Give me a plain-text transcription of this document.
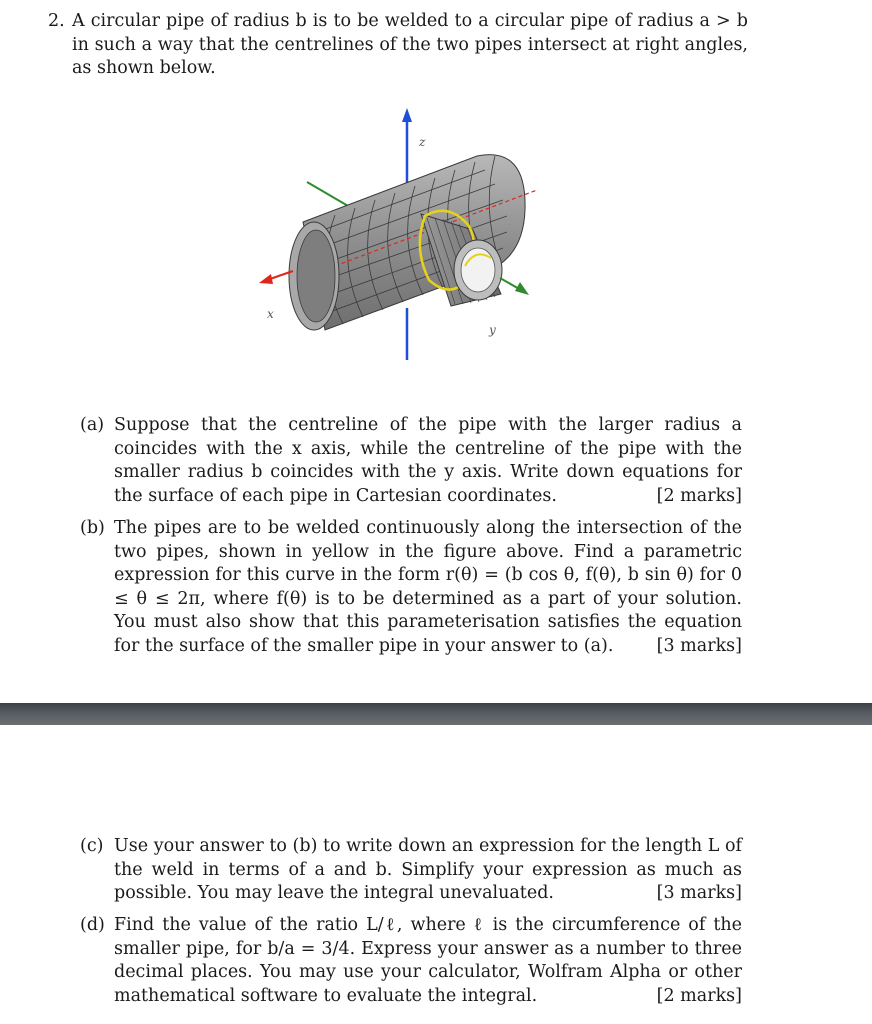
2. A circular pipe of radius b is to be welded to a circular pipe of radius a > b in such a way that the centrelines of the two pipes intersect at right angles, as shown below.
z
x
y
(a) Suppose that the centreline of the pipe with the larger radius a coincides with the x axis, while the centreline of the pipe with the smaller radius b coincides with the y axis. Write down equations for the surface of each pipe in Cartesian coordinates.	[2 marks]
(b) The pipes are to be welded continuously along the intersection of the two pipes, shown in yellow in the figure above. Find a parametric expression for this curve in the form r(θ) = (b cos θ, f(θ), b sin θ) for 0 ≤ θ ≤ 2π, where f(θ) is to be determined as a part of your solution. You must also show that this parameterisation satisfies the equation for the surface of the smaller pipe in your answer to (a). [3 marks]
(c) Use your answer to (b) to write down an expression for the length L of the weld in terms of a and b. Simplify your expression as much as possible. You may leave the integral unevaluated.	[3 marks]
(d) Find the value of the ratio L/ℓ, where ℓ is the circumference of the smaller pipe, for b/a = 3/4. Express your answer as a number to three decimal places. You may use your calculator, Wolfram Alpha or other mathematical software to evaluate the integral.	[2 marks]
